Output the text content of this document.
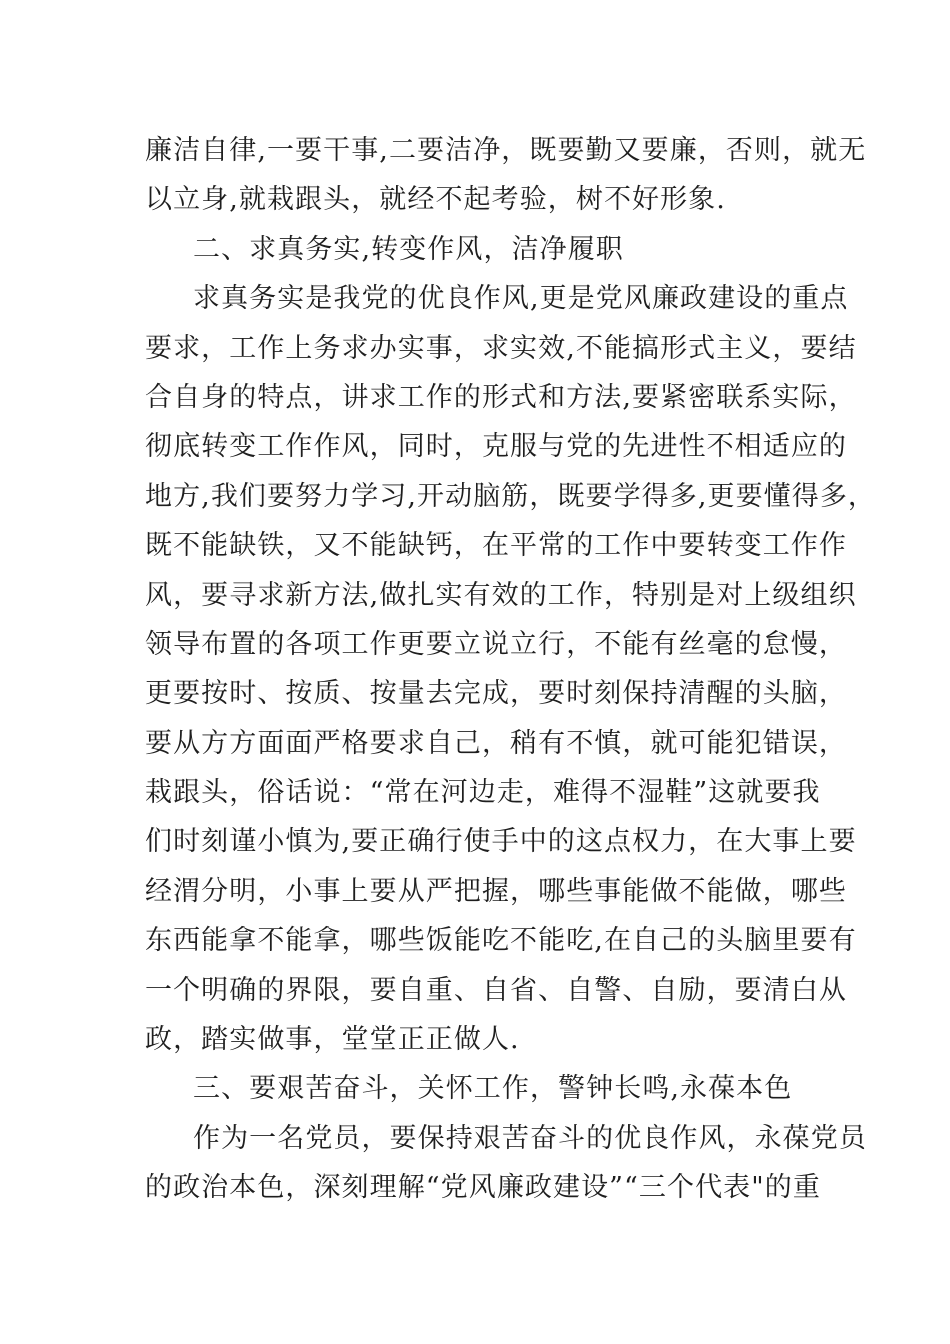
廉洁自律,一要干事,二要洁净，既要勤又要廉，否则，就无
以立身,就栽跟头，就经不起考验，树不好形象.
二、求真务实,转变作风，洁净履职
求真务实是我党的优良作风,更是党风廉政建设的重点
要求，工作上务求办实事，求实效,不能搞形式主义，要结
合自身的特点，讲求工作的形式和方法,要紧密联系实际，
彻底转变工作作风，同时，克服与党的先进性不相适应的
地方,我们要努力学习,开动脑筋，既要学得多,更要懂得多，
既不能缺铁，又不能缺钙，在平常的工作中要转变工作作
风，要寻求新方法,做扎实有效的工作，特别是对上级组织
领导布置的各项工作更要立说立行，不能有丝毫的怠慢，
更要按时、按质、按量去完成，要时刻保持清醒的头脑，
要从方方面面严格要求自己，稍有不慎，就可能犯错误，
栽跟头，俗话说：“常在河边走，难得不湿鞋”这就要我
们时刻谨小慎为,要正确行使手中的这点权力，在大事上要
经渭分明，小事上要从严把握，哪些事能做不能做，哪些
东西能拿不能拿，哪些饭能吃不能吃,在自己的头脑里要有
一个明确的界限，要自重、自省、自警、自励，要清白从
政，踏实做事，堂堂正正做人.
三、要艰苦奋斗，关怀工作，警钟长鸣,永葆本色
作为一名党员，要保持艰苦奋斗的优良作风，永葆党员
的政治本色，深刻理解“党风廉政建设”“三个代表"的重
